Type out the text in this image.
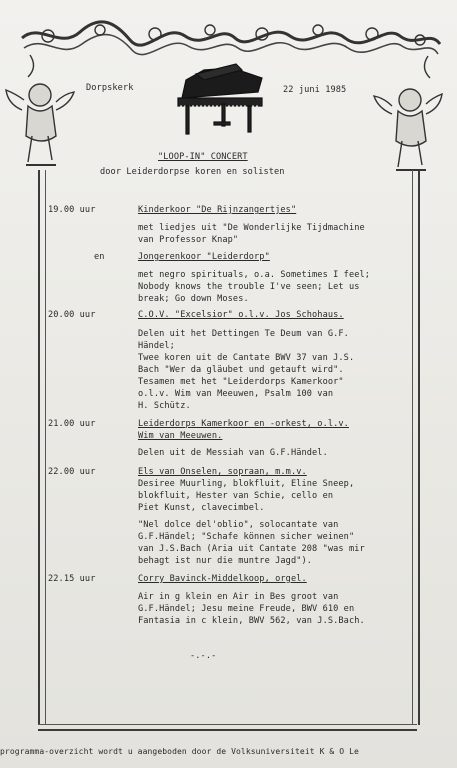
Dorpskerk	22 juni 1985
"LOOP-IN" CONCERT
door Leiderdorpse koren en solisten
19.00 uur	Kinderkoor "De Rijnzangertjes"
met liedjes uit "De Wonderlijke Tijdmachine
van Professor Knap"
en	Jongerenkoor "Leiderdorp"
met negro spirituals, o.a. Sometimes I feel;
Nobody knows the trouble I've seen; Let us
break; Go down Moses.
20.00 uur	C.O.V. "Excelsior" o.l.v. Jos Schohaus.
Delen uit het Dettingen Te Deum van G.F.
Händel;
Twee koren uit de Cantate BWV 37 van J.S.
Bach "Wer da gläubet und getauft wird".
Tesamen met het "Leiderdorps Kamerkoor"
o.l.v. Wim van Meeuwen, Psalm 100 van
H. Schütz.
21.00 uur	Leiderdorps Kamerkoor en -orkest, o.l.v.
Wim van Meeuwen.
Delen uit de Messiah van G.F.Händel.
22.00 uur	Els van Onselen, sopraan, m.m.v.
Desiree Muurling, blokfluit, Eline Sneep,
blokfluit, Hester van Schie, cello en
Piet Kunst, clavecimbel.
"Nel dolce del'oblio", solocantate van
G.F.Händel; "Schafe können sicher weinen"
van J.S.Bach (Aria uit Cantate 208 "was mir
behagt ist nur die muntre Jagd").
22.15 uur	Corry Bavinck-Middelkoop, orgel.
Air in g klein en Air in Bes groot van
G.F.Händel; Jesu meine Freude, BWV 610 en
Fantasia in c klein, BWV 562, van J.S.Bach.
-.-.-
programma-overzicht wordt u aangeboden door de Volksuniversiteit K & O Le
